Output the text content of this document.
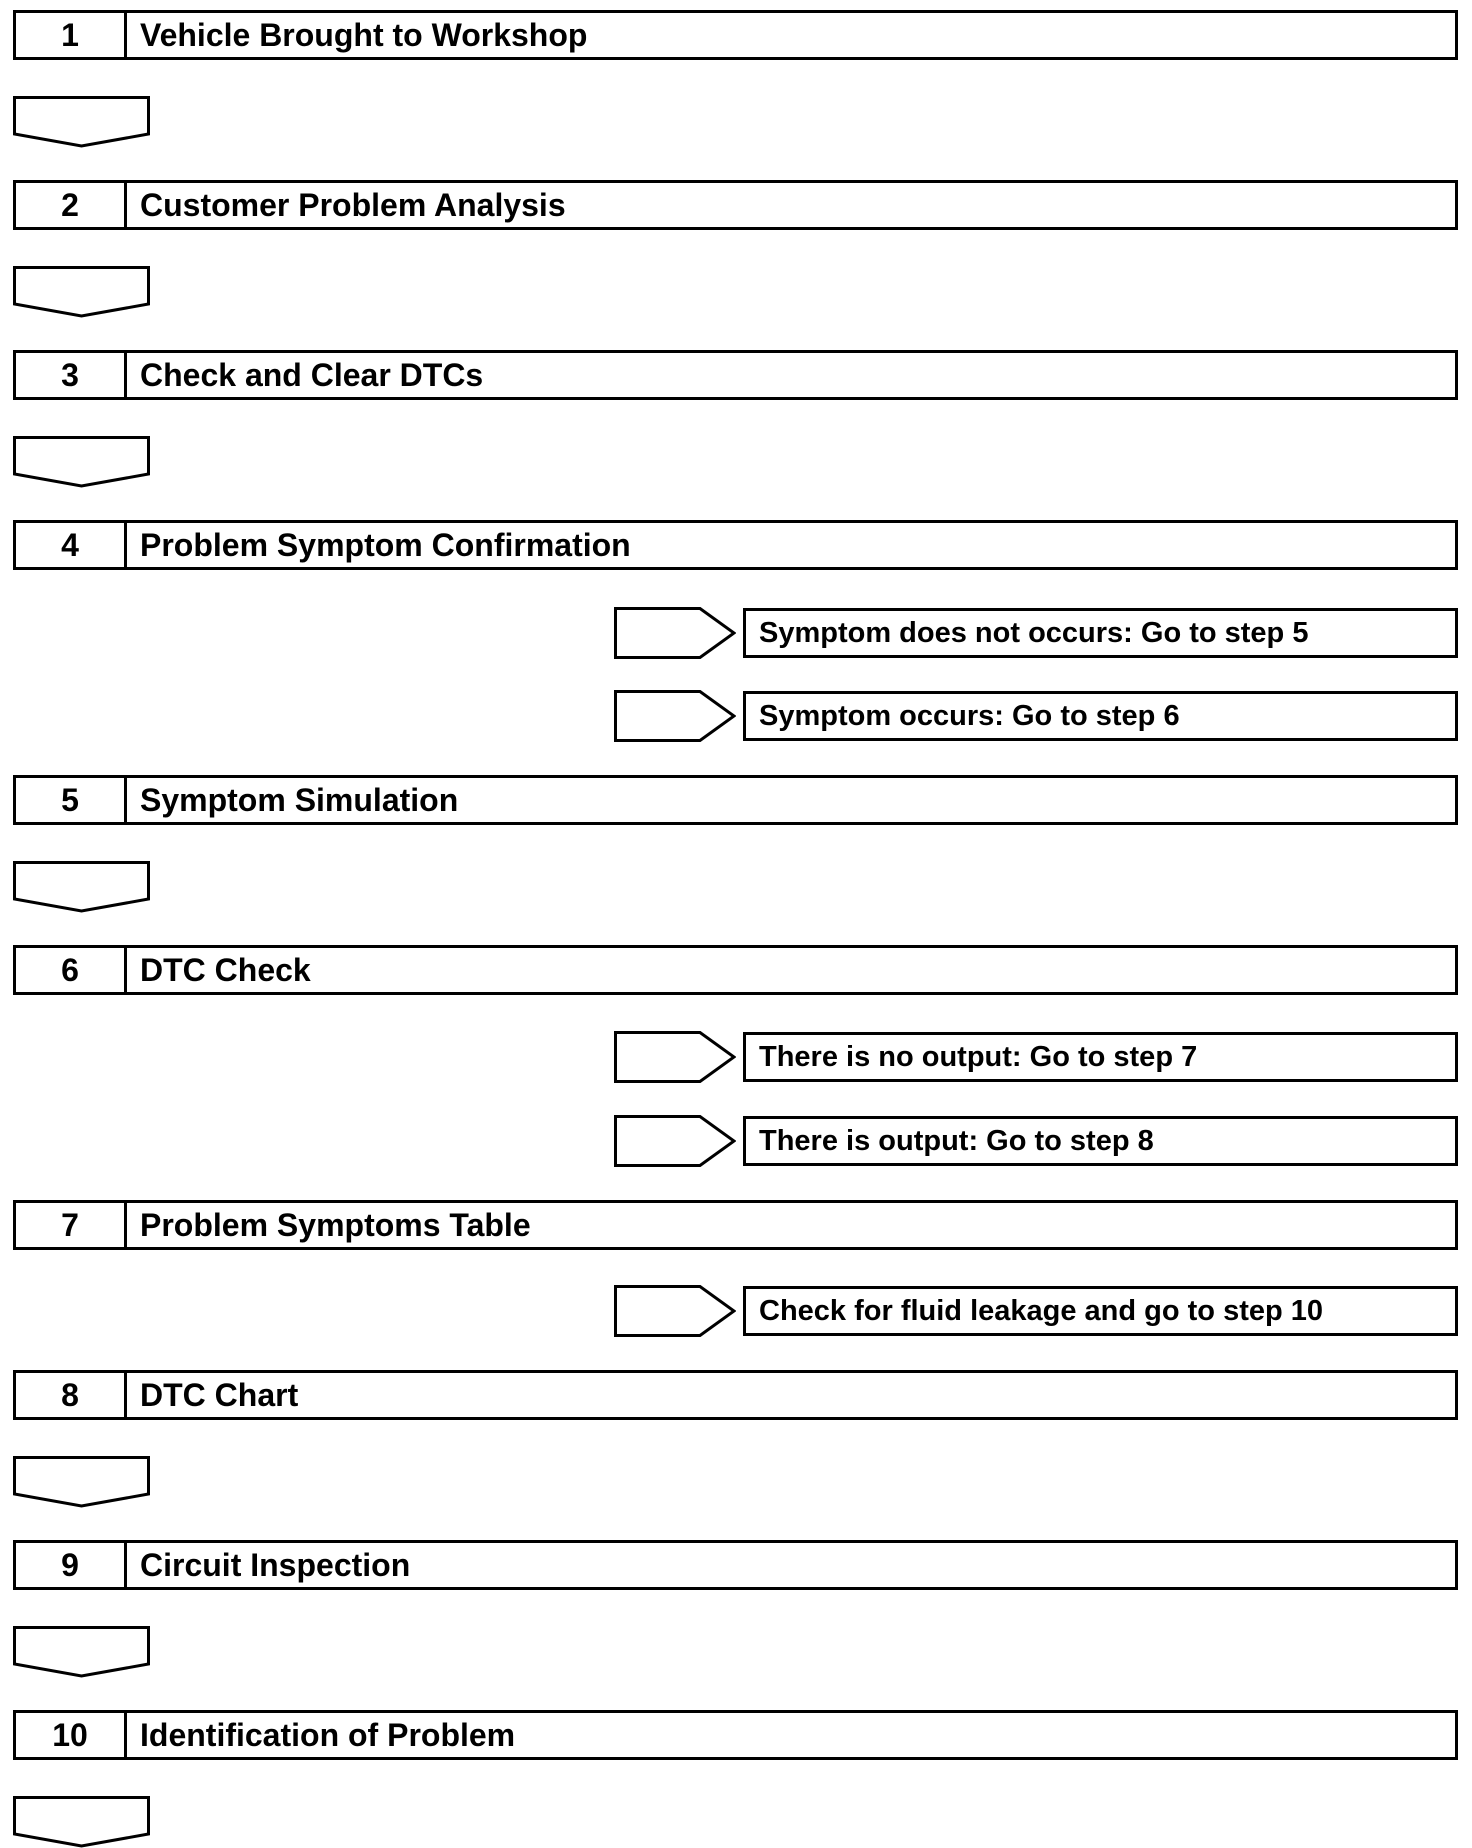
1	Vehicle Brought to Workshop
2	Customer Problem Analysis
3	Check and Clear DTCs
4	Problem Symptom Confirmation
Symptom does not occurs: Go to step 5
Symptom occurs: Go to step 6
5	Symptom Simulation
6	DTC Check
There is no output: Go to step 7
There is output: Go to step 8
7	Problem Symptoms Table
Check for fluid leakage and go to step 10
8	DTC Chart
9	Circuit Inspection
10	Identification of Problem
